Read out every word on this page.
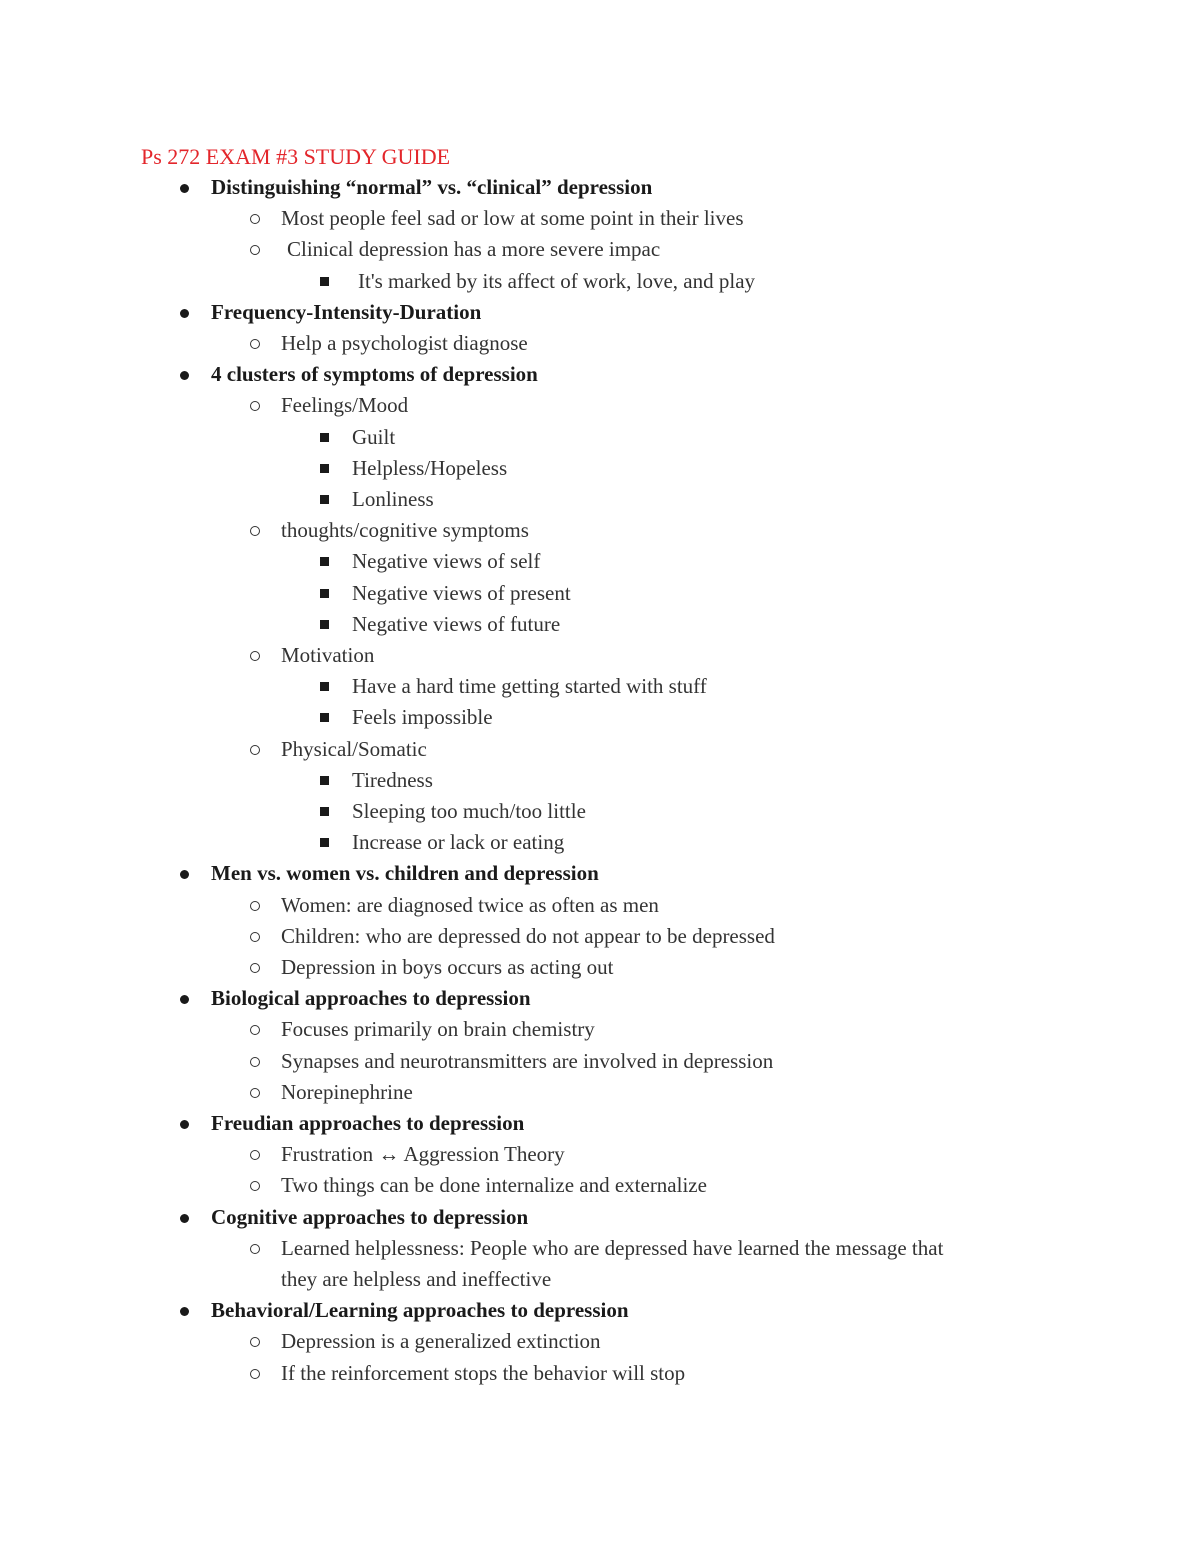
Ps 272 EXAM #3 STUDY GUIDE
Distinguishing “normal” vs. “clinical” depression
Most people feel sad or low at some point in their lives
Clinical depression has a more severe impac
It's marked by its affect of work, love, and play
Frequency-Intensity-Duration
Help a psychologist diagnose
4 clusters of symptoms of depression
Feelings/Mood
Guilt
Helpless/Hopeless
Lonliness
thoughts/cognitive symptoms
Negative views of self
Negative views of present
Negative views of future
Motivation
Have a hard time getting started with stuff
Feels impossible
Physical/Somatic
Tiredness
Sleeping too much/too little
Increase or lack or eating
Men vs. women vs. children and depression
Women: are diagnosed twice as often as men
Children: who are depressed do not appear to be depressed
Depression in boys occurs as acting out
Biological approaches to depression
Focuses primarily on brain chemistry
Synapses and neurotransmitters are involved in depression
Norepinephrine
Freudian approaches to depression
Frustration ↔ Aggression Theory
Two things can be done internalize and externalize
Cognitive approaches to depression
Learned helplessness: People who are depressed have learned the message that
they are helpless and ineffective
Behavioral/Learning approaches to depression
Depression is a generalized extinction
If the reinforcement stops the behavior will stop
